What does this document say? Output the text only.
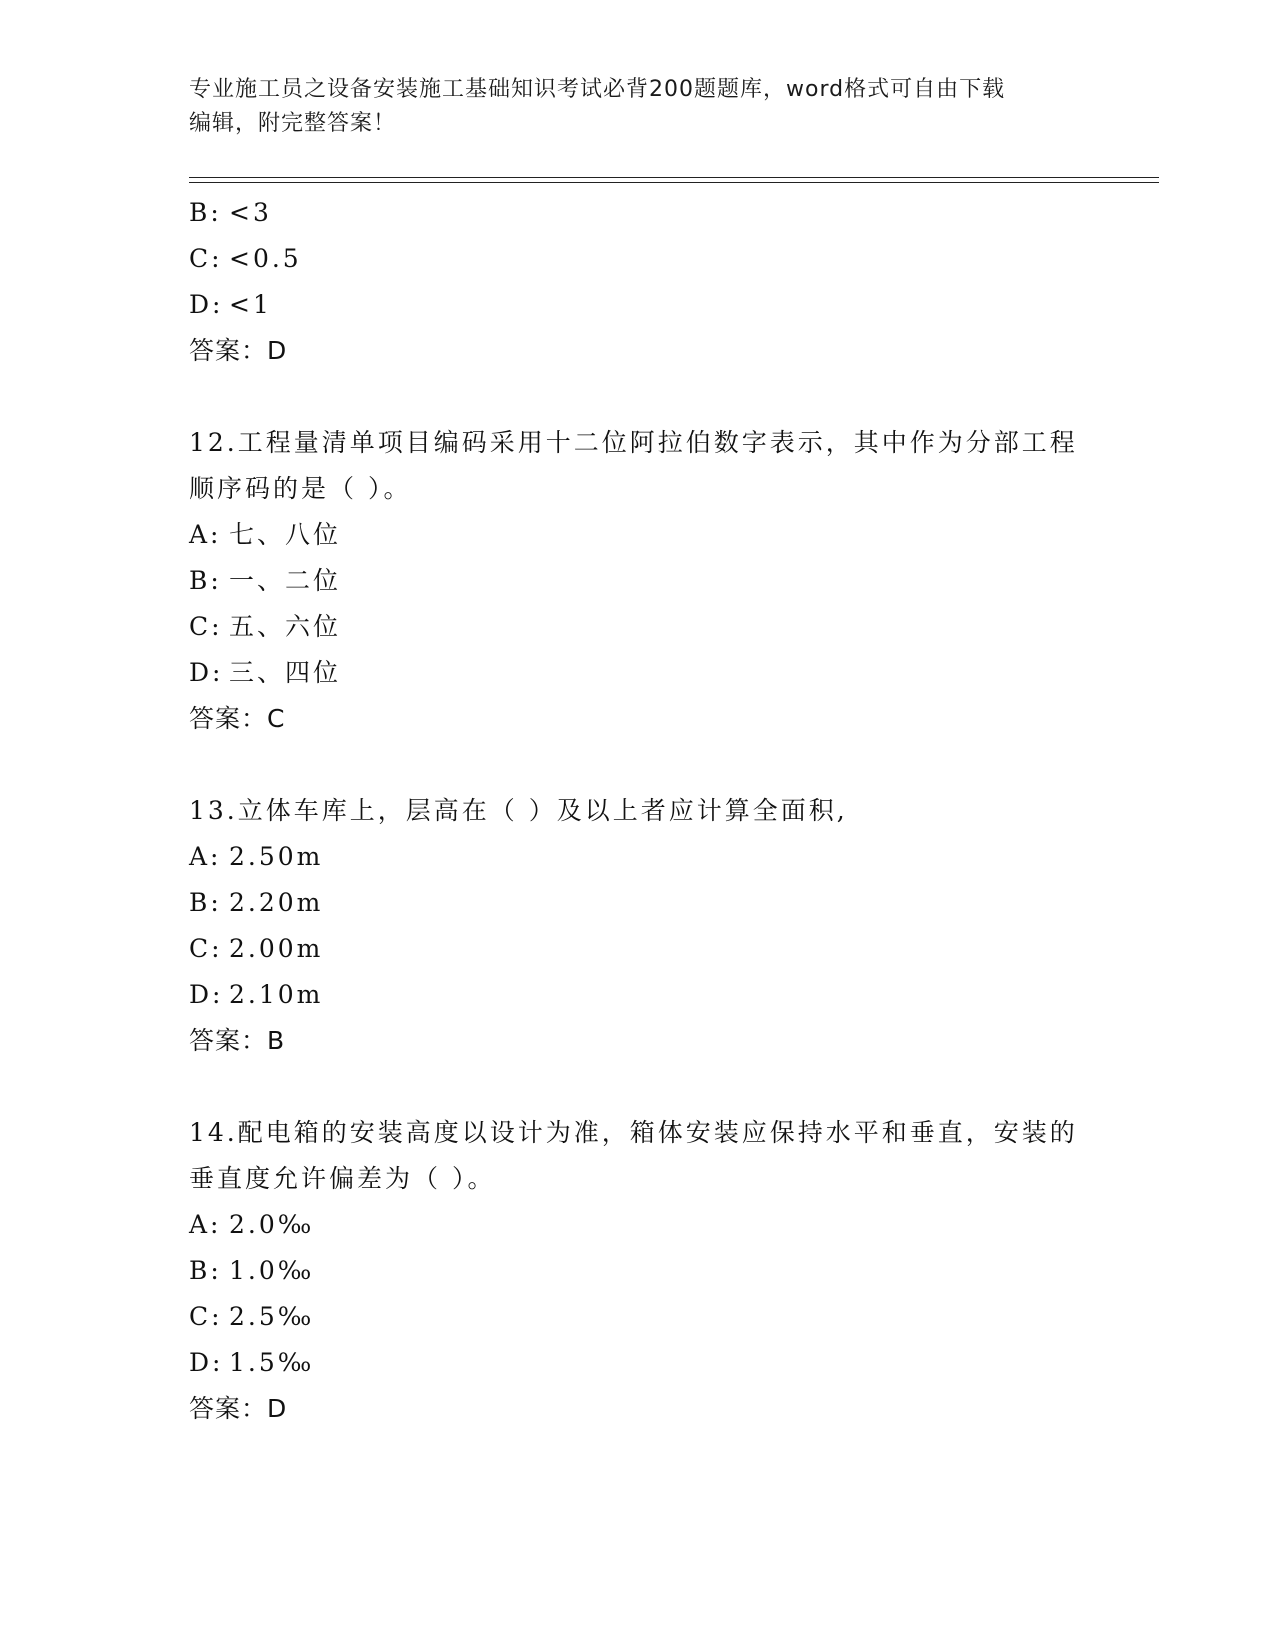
专业施工员之设备安装施工基础知识考试必背200题题库，word格式可自由下载
编辑，附完整答案！
B: <3
C: <0.5
D: <1
答案：D
12.工程量清单项目编码采用十二位阿拉伯数字表示，其中作为分部工程顺序码的是（ ）。
A: 七、八位
B: 一、二位
C: 五、六位
D: 三、四位
答案：C
13.立体车库上，层高在（ ）及以上者应计算全面积,
A: 2.50m
B: 2.20m
C: 2.00m
D: 2.10m
答案：B
14.配电箱的安装高度以设计为准，箱体安装应保持水平和垂直，安装的垂直度允许偏差为（ ）。
A: 2.0‰
B: 1.0‰
C: 2.5‰
D: 1.5‰
答案：D
